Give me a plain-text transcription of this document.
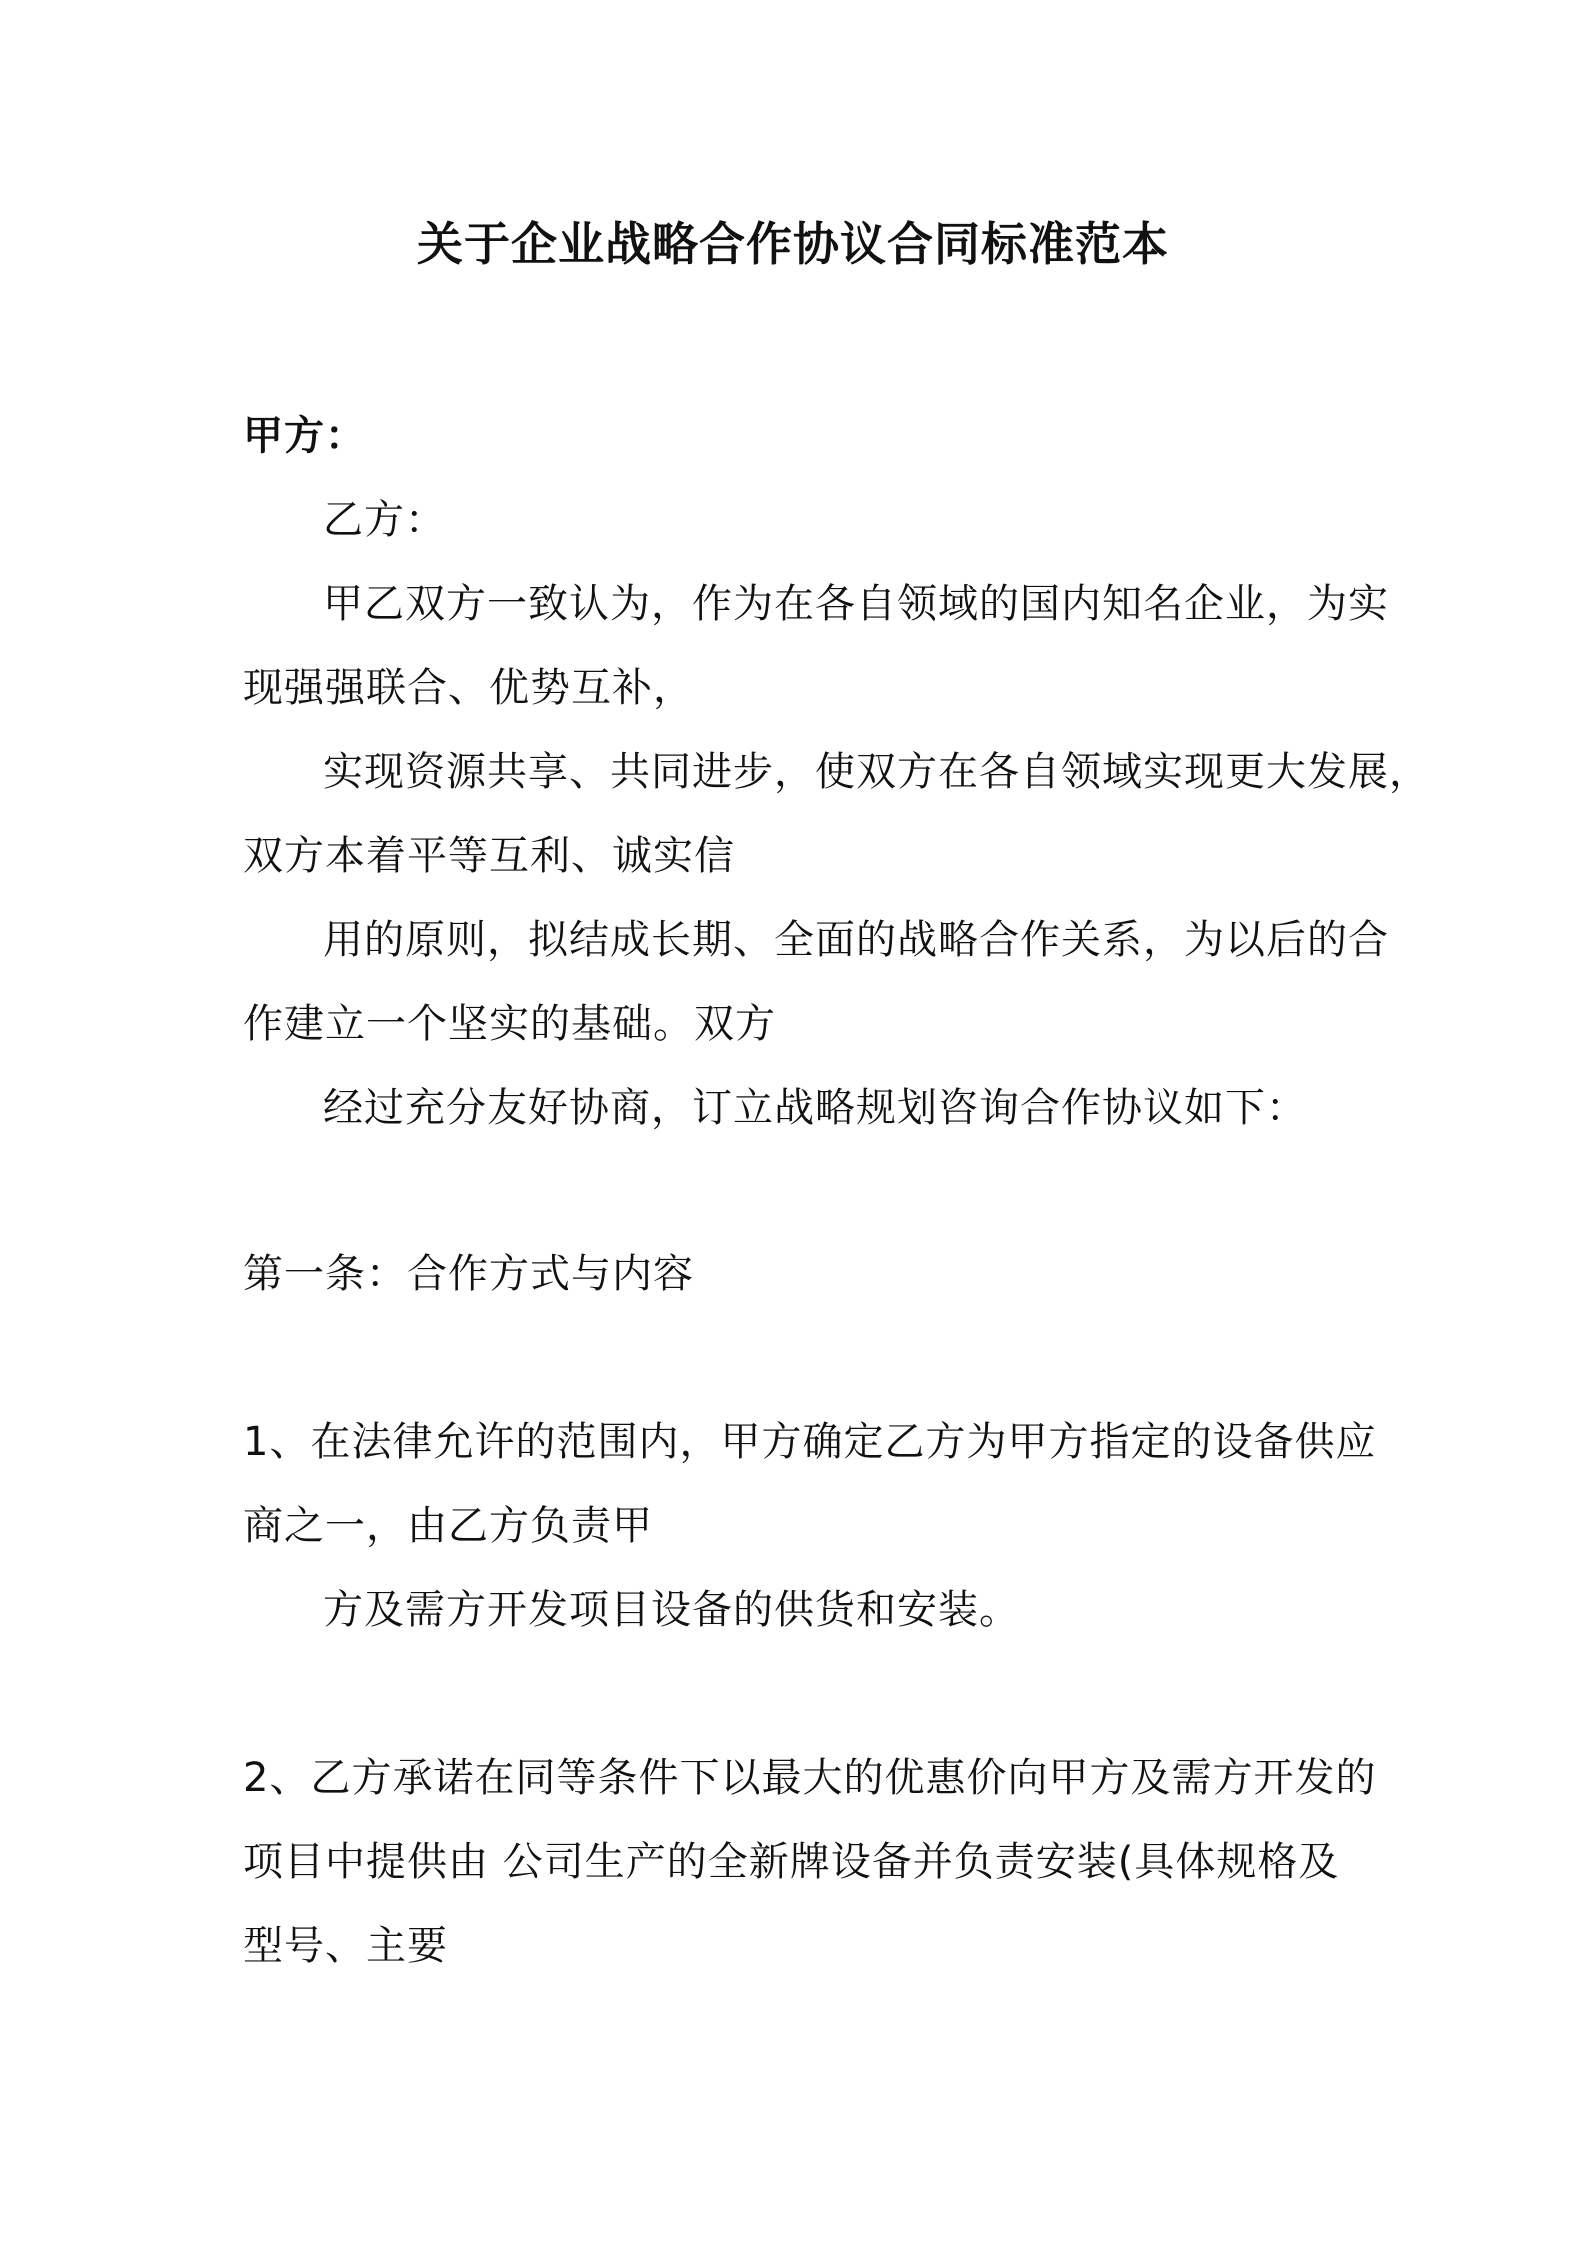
关于企业战略合作协议合同标准范本
甲方：
乙方：
甲乙双方一致认为，作为在各自领域的国内知名企业，为实
现强强联合、优势互补，
实现资源共享、共同进步，使双方在各自领域实现更大发展，
双方本着平等互利、诚实信
用的原则，拟结成长期、全面的战略合作关系，为以后的合
作建立一个坚实的基础。双方
经过充分友好协商，订立战略规划咨询合作协议如下：
第一条：合作方式与内容
1、在法律允许的范围内，甲方确定乙方为甲方指定的设备供应
商之一，由乙方负责甲
方及需方开发项目设备的供货和安装。
2、乙方承诺在同等条件下以最大的优惠价向甲方及需方开发的
项目中提供由 公司生产的全新牌设备并负责安装(具体规格及
型号、主要
